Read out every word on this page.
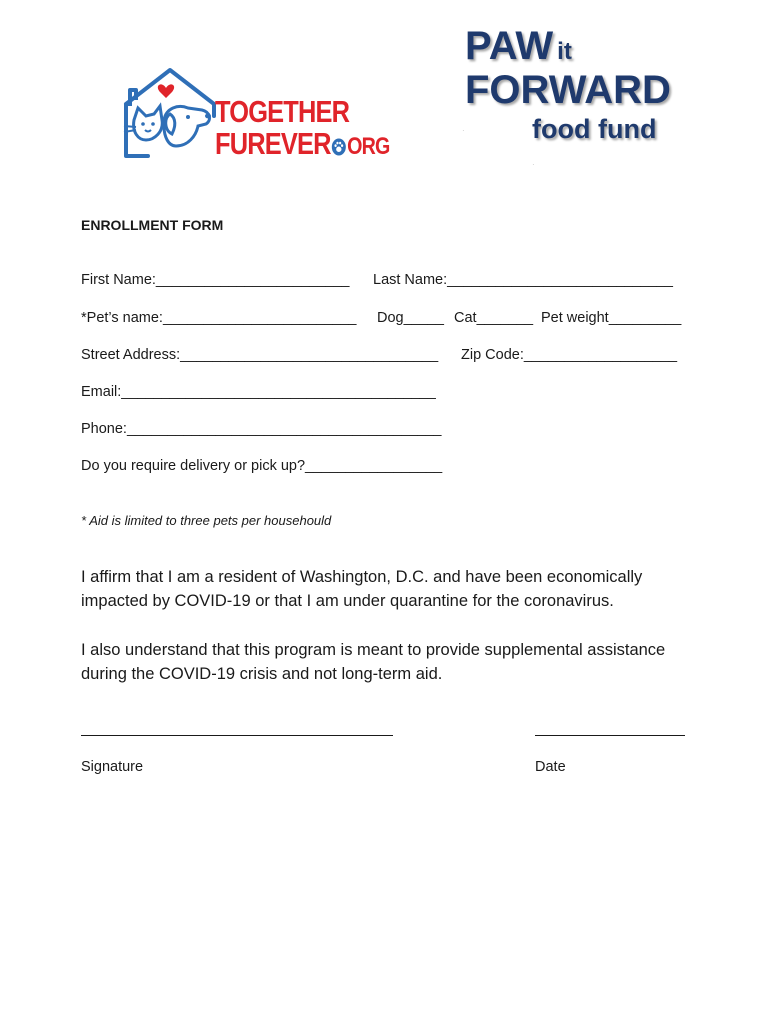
TOGETHER
FUREVER ORG
PAW it
FORWARD
food fund
·
·
ENROLLMENT FORM
First Name:________________________ Last Name:____________________________
*Pet’s name:________________________ Dog_____ Cat_______ Pet weight_________
Street Address:________________________________ Zip Code:___________________
Email:_______________________________________
Phone:_______________________________________
Do you require delivery or pick up?_________________
* Aid is limited to three pets per househould
I affirm that I am a resident of Washington, D.C. and have been economically impacted by COVID-19 or that I am under quarantine for the coronavirus.
I also understand that this program is meant to provide supplemental assistance during the COVID-19 crisis and not long-term aid.
Signature	Date
